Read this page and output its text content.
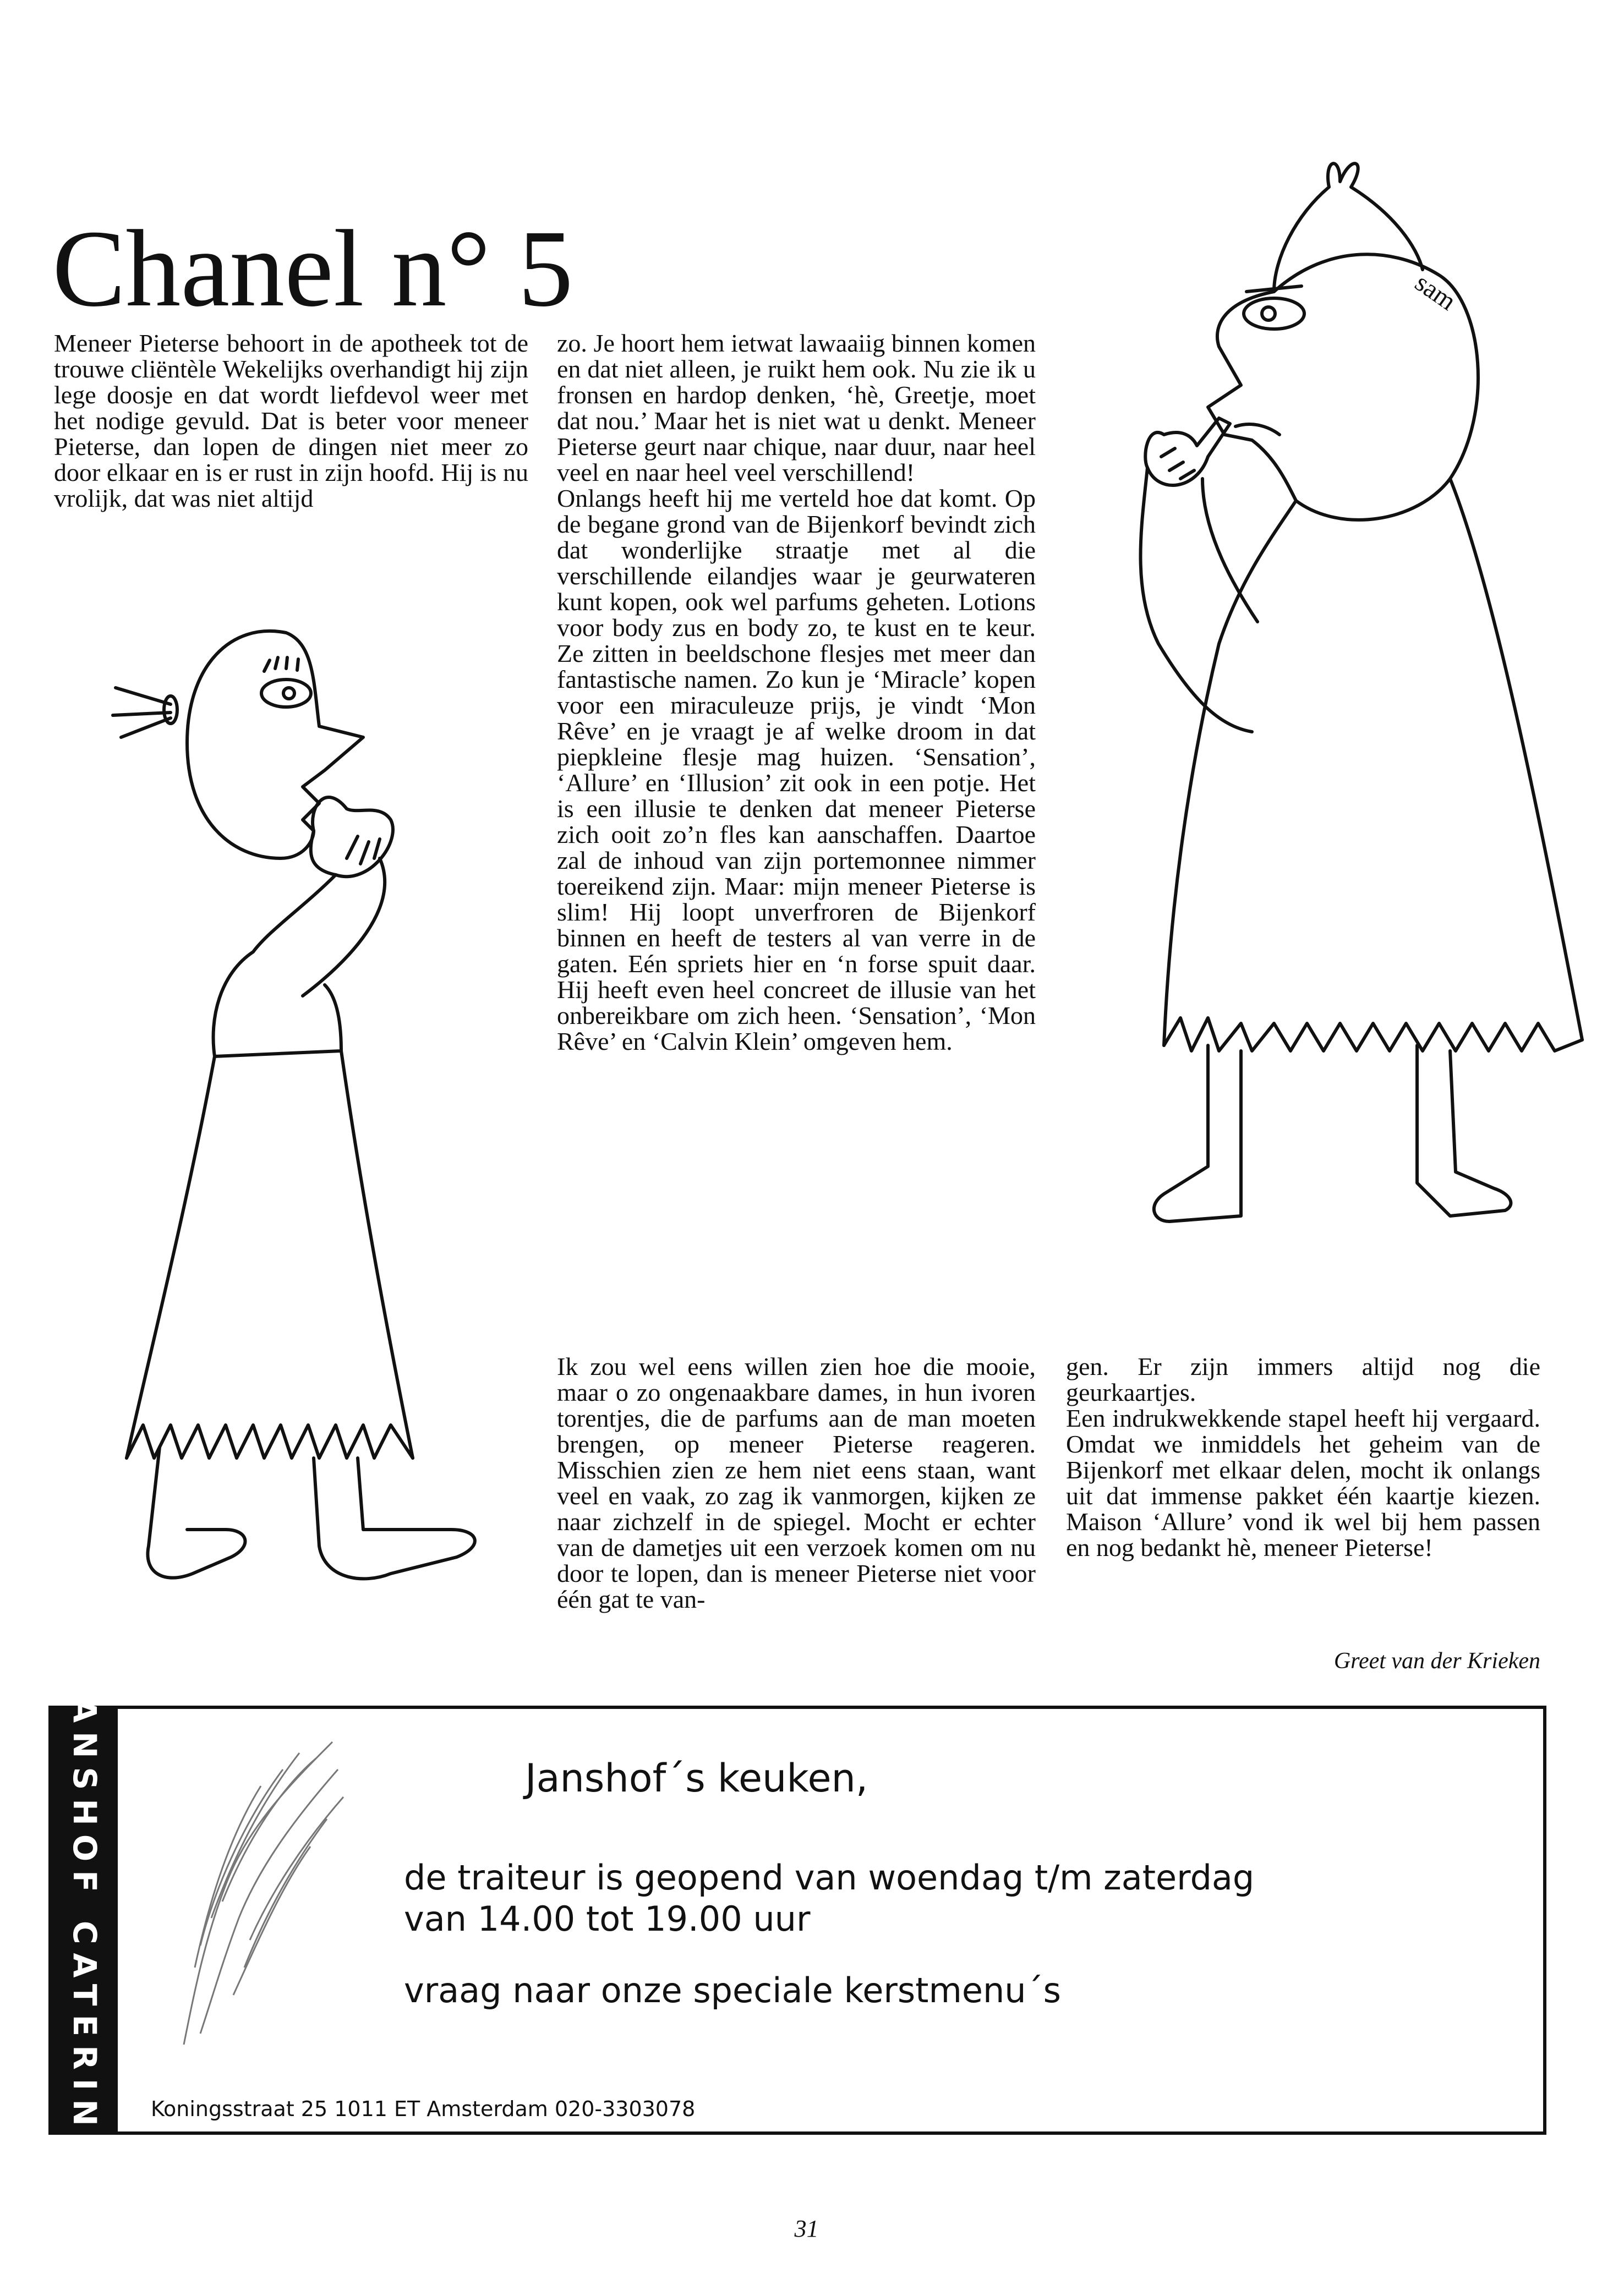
Chanel n° 5

Meneer Pieterse behoort in de apotheek tot de trouwe cliëntèle Wekelijks overhandigt hij zijn lege doosje en dat wordt liefdevol weer met het nodige gevuld. Dat is beter voor meneer Pieterse, dan lopen de dingen niet meer zo door elkaar en is er rust in zijn hoofd. Hij is nu vrolijk, dat was niet altijd

zo. Je hoort hem ietwat lawaaiig binnen komen en dat niet alleen, je ruikt hem ook. Nu zie ik u fronsen en hardop denken, ‘hè, Greetje, moet dat nou.’ Maar het is niet wat u denkt. Meneer Pieterse geurt naar chique, naar duur, naar heel veel en naar heel veel verschillend!

Onlangs heeft hij me verteld hoe dat komt. Op de begane grond van de Bijenkorf bevindt zich dat wonderlijke straatje met al die verschillende eilandjes waar je geurwateren kunt kopen, ook wel parfums geheten. Lotions voor body zus en body zo, te kust en te keur. Ze zitten in beeldschone flesjes met meer dan fantastische namen. Zo kun je ‘Miracle’ kopen voor een miraculeuze prijs, je vindt ‘Mon Rêve’ en je vraagt je af welke droom in dat piepkleine flesje mag huizen. ‘Sensation’, ‘Allure’ en ‘Illusion’ zit ook in een potje. Het is een illusie te denken dat meneer Pieterse zich ooit zo’n fles kan aanschaffen. Daartoe zal de inhoud van zijn portemonnee nimmer toereikend zijn. Maar: mijn meneer Pieterse is slim! Hij loopt unverfroren de Bijenkorf binnen en heeft de testers al van verre in de gaten. Eén spriets hier en ‘n forse spuit daar. Hij heeft even heel concreet de illusie van het onbereikbare om zich heen. ‘Sensation’, ‘Mon Rêve’ en ‘Calvin Klein’ omgeven hem.

Ik zou wel eens willen zien hoe die mooie, maar o zo ongenaakbare dames, in hun ivoren torentjes, die de parfums aan de man moeten brengen, op meneer Pieterse reageren. Misschien zien ze hem niet eens staan, want veel en vaak, zo zag ik vanmorgen, kijken ze naar zichzelf in de spiegel. Mocht er echter van de dametjes uit een verzoek komen om nu door te lopen, dan is meneer Pieterse niet voor één gat te van-

gen. Er zijn immers altijd nog die geurkaartjes.

Een indrukwekkende stapel heeft hij vergaard. Omdat we inmiddels het geheim van de Bijenkorf met elkaar delen, mocht ik onlangs uit dat immense pakket één kaartje kiezen. Maison ‘Allure’ vond ik wel bij hem passen en nog bedankt hè, meneer Pieterse!

Greet van der Krieken
sam
JANSHOF CATERING	Janshof´s keuken,
de traiteur is geopend van woendag t/m zaterdag
van 14.00 tot 19.00 uur
vraag naar onze speciale kerstmenu´s
Koningsstraat 25 1011 ET Amsterdam 020-3303078
31
